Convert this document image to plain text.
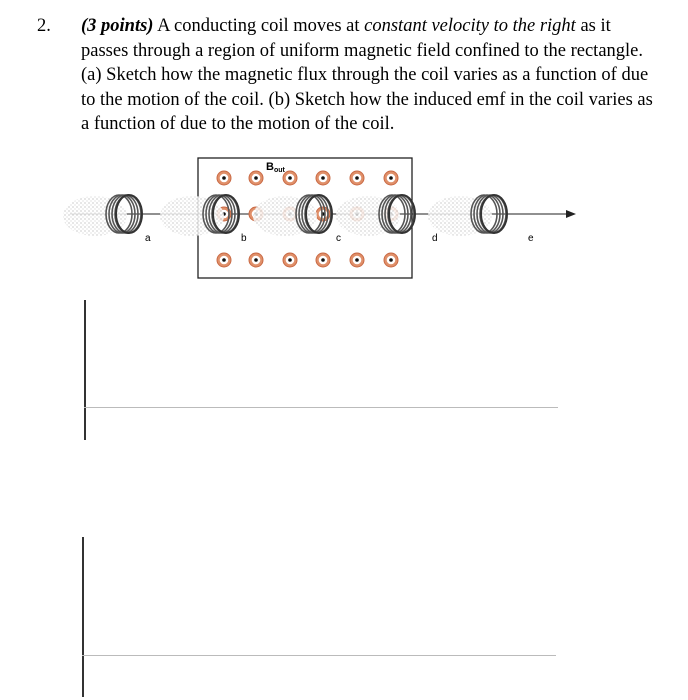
2. (3 points) A conducting coil moves at constant velocity to the right as it passes through a region of uniform magnetic field confined to the rectangle. (a) Sketch how the magnetic flux through the coil varies as a function of due to the motion of the coil. (b) Sketch how the induced emf in the coil varies as a function of due to the motion of the coil.
Bout
a	b	c	d	e
